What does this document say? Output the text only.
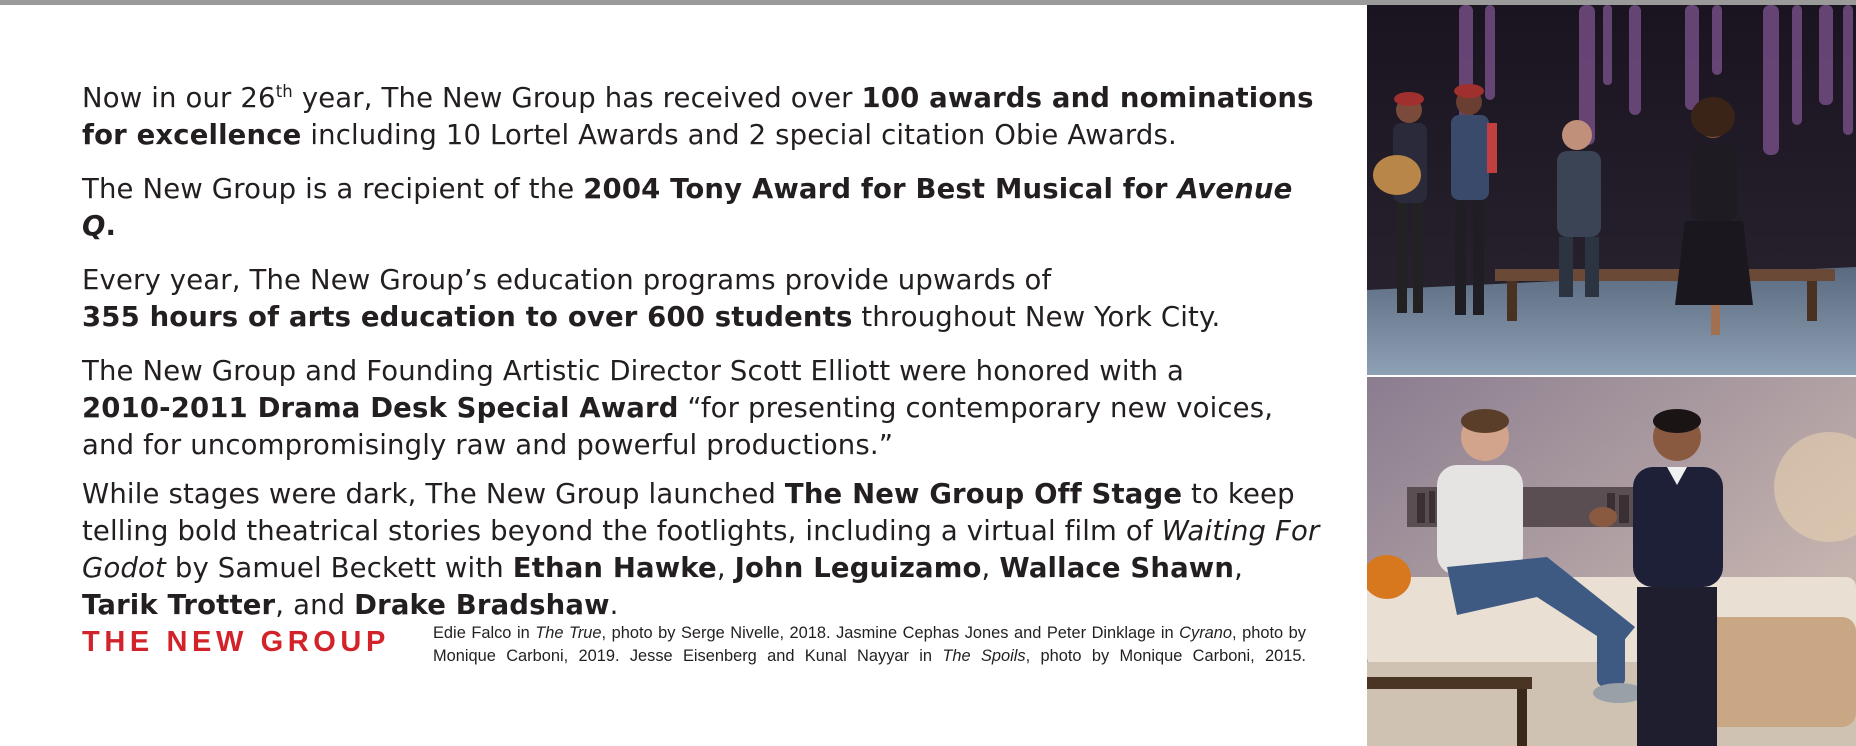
Now in our 26th year, The New Group has received over 100 awards and nominations for excellence including 10 Lortel Awards and 2 special citation Obie Awards.

The New Group is a recipient of the 2004 Tony Award for Best Musical for Avenue Q.

Every year, The New Group’s education programs provide upwards of
355 hours of arts education to over 600 students throughout New York City.

The New Group and Founding Artistic Director Scott Elliott were honored with a
2010-2011 Drama Desk Special Award “for presenting contemporary new voices, and for uncompromisingly raw and powerful productions.”

While stages were dark, The New Group launched The New Group Off Stage to keep telling bold theatrical stories beyond the footlights, including a virtual film of Waiting For Godot by Samuel Beckett with Ethan Hawke, John Leguizamo, Wallace Shawn, Tarik Trotter, and Drake Bradshaw.

THE NEW GROUP	Edie Falco in The True, photo by Serge Nivelle, 2018. Jasmine Cephas Jones and Peter Dinklage in Cyrano, photo by Monique Carboni, 2019. Jesse Eisenberg and Kunal Nayyar in The Spoils, photo by Monique Carboni, 2015.
